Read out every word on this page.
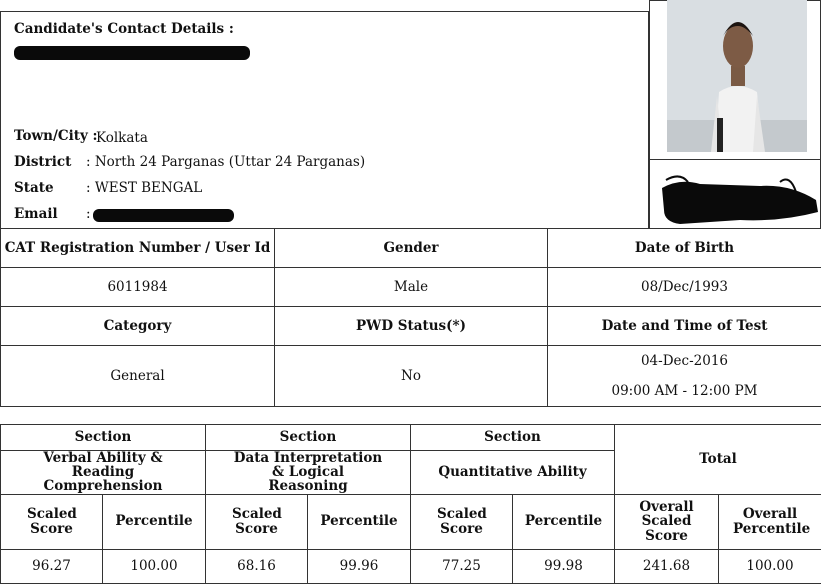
Candidate's Contact Details :
Town/City :
Kolkata
District : North 24 Parganas (Uttar 24 Parganas)
State : WEST BENGAL
Email :
CAT Registration Number / User Id	Gender	Date of Birth
6011984	Male	08/Dec/1993
Category	PWD Status(*)	Date and Time of Test
General	No	04-Dec-2016
09:00 AM - 12:00 PM
Section		Section		Section		Total	
Verbal Ability & Reading Comprehension		Data Interpretation & Logical Reasoning		Quantitative Ability			
Scaled Score	Percentile	Scaled Score	Percentile	Scaled Score	Percentile	Overall Scaled Score	Overall Percentile
96.27	100.00	68.16	99.96	77.25	99.98	241.68	100.00
